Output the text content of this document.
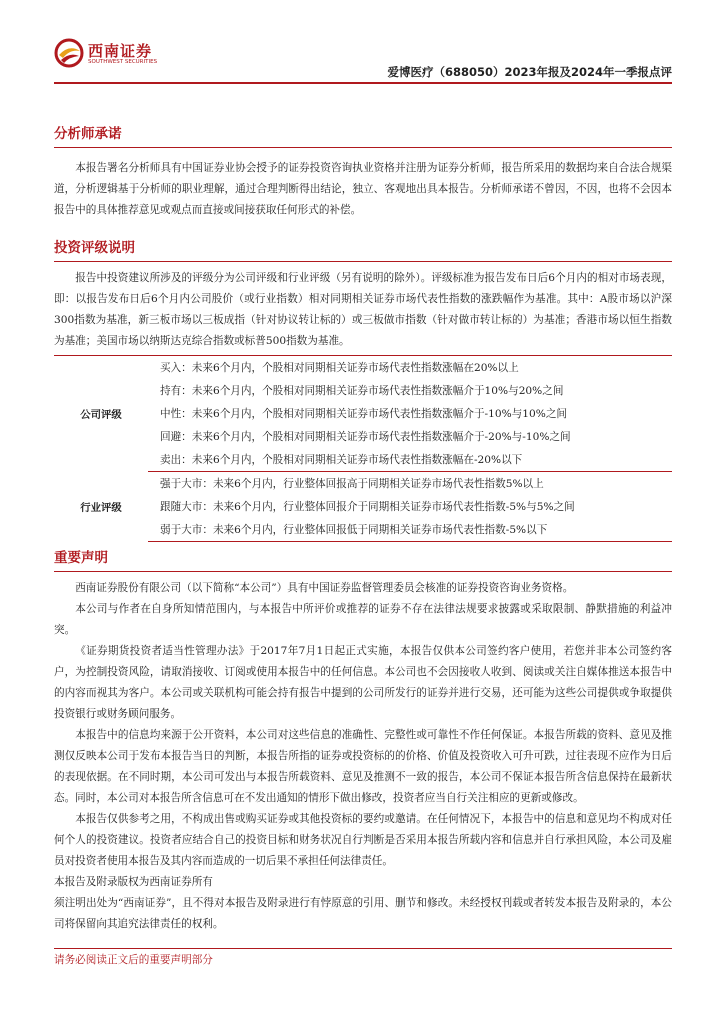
西南证券
SOUTHWEST SECURITIES
爱博医疗（688050）2023年报及2024年一季报点评
分析师承诺

本报告署名分析师具有中国证券业协会授予的证券投资咨询执业资格并注册为证券分析师，报告所采用的数据均来自合法合规渠道，分析逻辑基于分析师的职业理解，通过合理判断得出结论，独立、客观地出具本报告。分析师承诺不曾因，不因，也将不会因本报告中的具体推荐意见或观点而直接或间接获取任何形式的补偿。

投资评级说明

报告中投资建议所涉及的评级分为公司评级和行业评级（另有说明的除外）。评级标准为报告发布日后6个月内的相对市场表现，即：以报告发布日后6个月内公司股价（或行业指数）相对同期相关证券市场代表性指数的涨跌幅作为基准。其中：A股市场以沪深300指数为基准，新三板市场以三板成指（针对协议转让标的）或三板做市指数（针对做市转让标的）为基准；香港市场以恒生指数为基准；美国市场以纳斯达克综合指数或标普500指数为基准。

公司评级	买入：未来6个月内，个股相对同期相关证券市场代表性指数涨幅在20%以上
	持有：未来6个月内，个股相对同期相关证券市场代表性指数涨幅介于10%与20%之间
	中性：未来6个月内，个股相对同期相关证券市场代表性指数涨幅介于-10%与10%之间
	回避：未来6个月内，个股相对同期相关证券市场代表性指数涨幅介于-20%与-10%之间
	卖出：未来6个月内，个股相对同期相关证券市场代表性指数涨幅在-20%以下
行业评级	强于大市：未来6个月内，行业整体回报高于同期相关证券市场代表性指数5%以上
	跟随大市：未来6个月内，行业整体回报介于同期相关证券市场代表性指数-5%与5%之间
	弱于大市：未来6个月内，行业整体回报低于同期相关证券市场代表性指数-5%以下
重要声明

西南证券股份有限公司（以下简称“本公司”）具有中国证券监督管理委员会核准的证券投资咨询业务资格。

本公司与作者在自身所知情范围内，与本报告中所评价或推荐的证券不存在法律法规要求披露或采取限制、静默措施的利益冲突。

《证券期货投资者适当性管理办法》于2017年7月1日起正式实施，本报告仅供本公司签约客户使用，若您并非本公司签约客户，为控制投资风险，请取消接收、订阅或使用本报告中的任何信息。本公司也不会因接收人收到、阅读或关注自媒体推送本报告中的内容而视其为客户。本公司或关联机构可能会持有报告中提到的公司所发行的证券并进行交易，还可能为这些公司提供或争取提供投资银行或财务顾问服务。

本报告中的信息均来源于公开资料，本公司对这些信息的准确性、完整性或可靠性不作任何保证。本报告所载的资料、意见及推测仅反映本公司于发布本报告当日的判断，本报告所指的证券或投资标的的价格、价值及投资收入可升可跌，过往表现不应作为日后的表现依据。在不同时期，本公司可发出与本报告所载资料、意见及推测不一致的报告，本公司不保证本报告所含信息保持在最新状态。同时，本公司对本报告所含信息可在不发出通知的情形下做出修改，投资者应当自行关注相应的更新或修改。

本报告仅供参考之用，不构成出售或购买证券或其他投资标的要约或邀请。在任何情况下，本报告中的信息和意见均不构成对任何个人的投资建议。投资者应结合自己的投资目标和财务状况自行判断是否采用本报告所载内容和信息并自行承担风险，本公司及雇员对投资者使用本报告及其内容而造成的一切后果不承担任何法律责任。

本报告及附录版权为西南证券所有

须注明出处为“西南证券”，且不得对本报告及附录进行有悖原意的引用、删节和修改。未经授权刊载或者转发本报告及附录的，本公司将保留向其追究法律责任的权利。

请务必阅读正文后的重要声明部分
